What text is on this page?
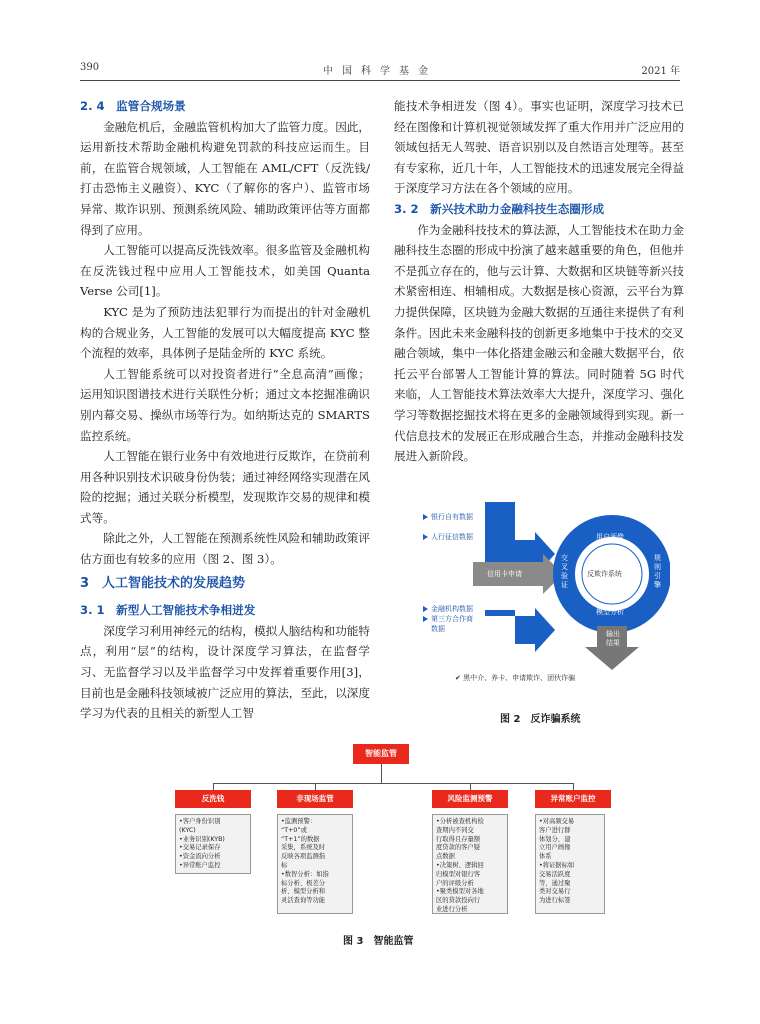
390	中国科学基金	2021 年
2. 4　监管合规场景

金融危机后，金融监管机构加大了监管力度。因此，运用新技术帮助金融机构避免罚款的科技应运而生。目前，在监管合规领域，人工智能在 AML/CFT（反洗钱/打击恐怖主义融资）、KYC（了解你的客户）、监管市场异常、欺诈识别、预测系统风险、辅助政策评估等方面都得到了应用。

人工智能可以提高反洗钱效率。很多监管及金融机构在反洗钱过程中应用人工智能技术，如美国 Quanta Verse 公司[1]。

KYC 是为了预防违法犯罪行为而提出的针对金融机构的合规业务，人工智能的发展可以大幅度提高 KYC 整个流程的效率，具体例子是陆金所的 KYC 系统。

人工智能系统可以对投资者进行“全息高清”画像；运用知识图谱技术进行关联性分析；通过文本挖掘准确识别内幕交易、操纵市场等行为。如纳斯达克的 SMARTS 监控系统。

人工智能在银行业务中有效地进行反欺诈，在贷前利用各种识别技术识破身份伪装；通过神经网络实现潜在风险的挖掘；通过关联分析模型，发现欺诈交易的规律和模式等。

除此之外，人工智能在预测系统性风险和辅助政策评估方面也有较多的应用（图 2、图 3）。

3　人工智能技术的发展趋势
3. 1　新型人工智能技术争相迸发

深度学习利用神经元的结构，模拟人脑结构和功能特点，利用“层”的结构，设计深度学习算法，在监督学习、无监督学习以及半监督学习中发挥着重要作用[3]，目前也是金融科技领域被广泛应用的算法，至此，以深度学习为代表的且相关的新型人工智

能技术争相迸发（图 4）。事实也证明，深度学习技术已经在图像和计算机视觉领域发挥了重大作用并广泛应用的领域包括无人驾驶、语音识别以及自然语言处理等。甚至有专家称，近几十年，人工智能技术的迅速发展完全得益于深度学习方法在各个领域的应用。

3. 2　新兴技术助力金融科技生态圈形成

作为金融科技技术的算法源，人工智能技术在助力金融科技生态圈的形成中扮演了越来越重要的角色，但他并不是孤立存在的，他与云计算、大数据和区块链等新兴技术紧密相连、相辅相成。大数据是核心资源，云平台为算力提供保障，区块链为金融大数据的互通往来提供了有利条件。因此未来金融科技的创新更多地集中于技术的交叉融合领域，集中一体化搭建金融云和金融大数据平台，依托云平台部署人工智能计算的算法。同时随着 5G 时代来临，人工智能技术算法效率大大提升，深度学习、强化学习等数据挖掘技术将在更多的金融领域得到实现。新一代信息技术的发展正在形成融合生态，并推动金融科技发展进入新阶段。

银行自有数据
人行征信数据
信用卡申请
金融机构数据
第三方合作商
数据
用户画像
交叉验证
规则引擎
模型分析
反欺诈系统
输出结果
✔ 黑中介、养卡、申请欺诈、团伙诈骗
图 2　反诈骗系统
智能监管
反洗钱	非现场监管	风险监测预警	异常账户监控
•客户身份识别
(KYC)
•业务识别(KYB)
•交易记录保存
•资金流向分析
•异常账户监控
•监测预警：
“T+0”或
“T+1”的数据
采集，系统及时
反映各项监测指
标
•数智分析：如指
标分析、极差分
析、模型分析和
灵活查询等功能
•分析被查机构检
查期内不同交
行取得且存量额
度贷款的客户疑
点数据
•决策树、逻辑回
归模型对银行客
户的评级分析
•聚类模型对各地
区的贷款投向行
业进行分析
•对高频交易
客户进行群
体划分，建
立用户画像
体系
•将证据标如
交易活跃度
等，通过聚
类对交易行
为进行标签
图 3　智能监管
